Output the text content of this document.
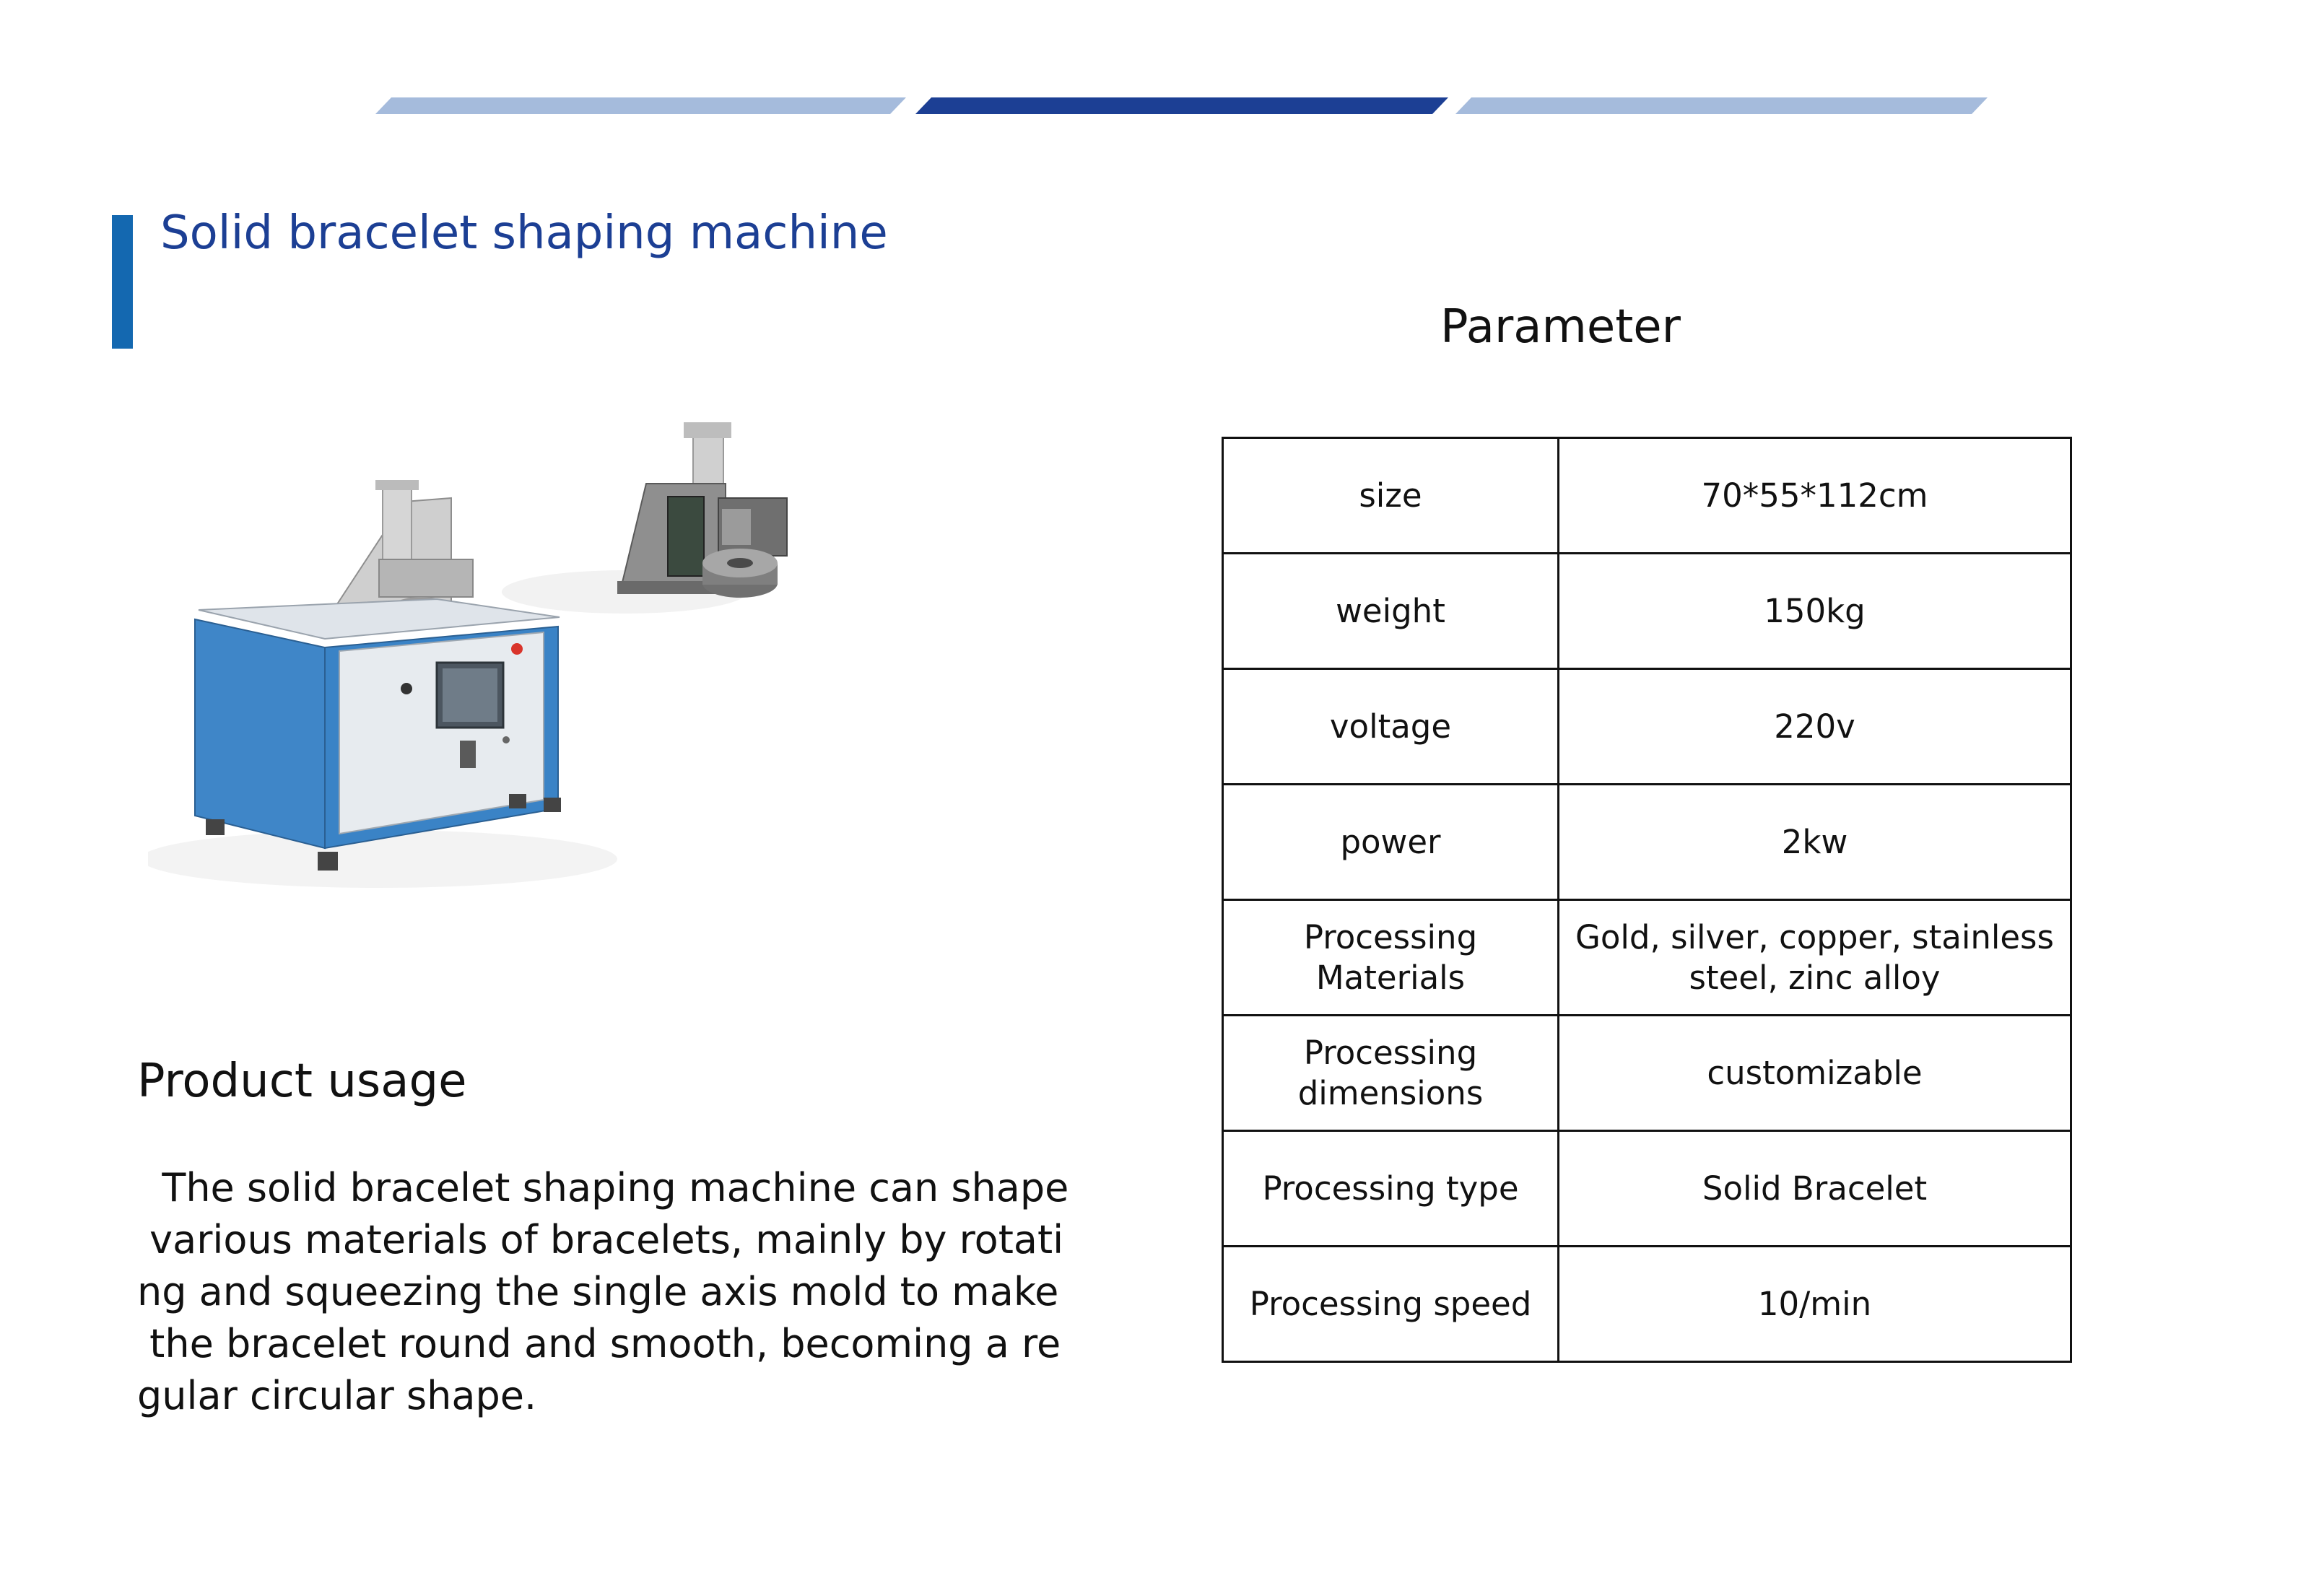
Solid bracelet shaping machine
Parameter
Product usage
The solid bracelet shaping machine can shape
various materials of bracelets, mainly by rotati
ng and squeezing the single axis mold to make
the bracelet round and smooth, becoming a re
gular circular shape.
size	70*55*112cm
weight	150kg
voltage	220v
power	2kw
Processing Materials	Gold, silver, copper, stainless steel, zinc alloy
Processing dimensions	customizable
Processing type	Solid Bracelet
Processing speed	10/min
